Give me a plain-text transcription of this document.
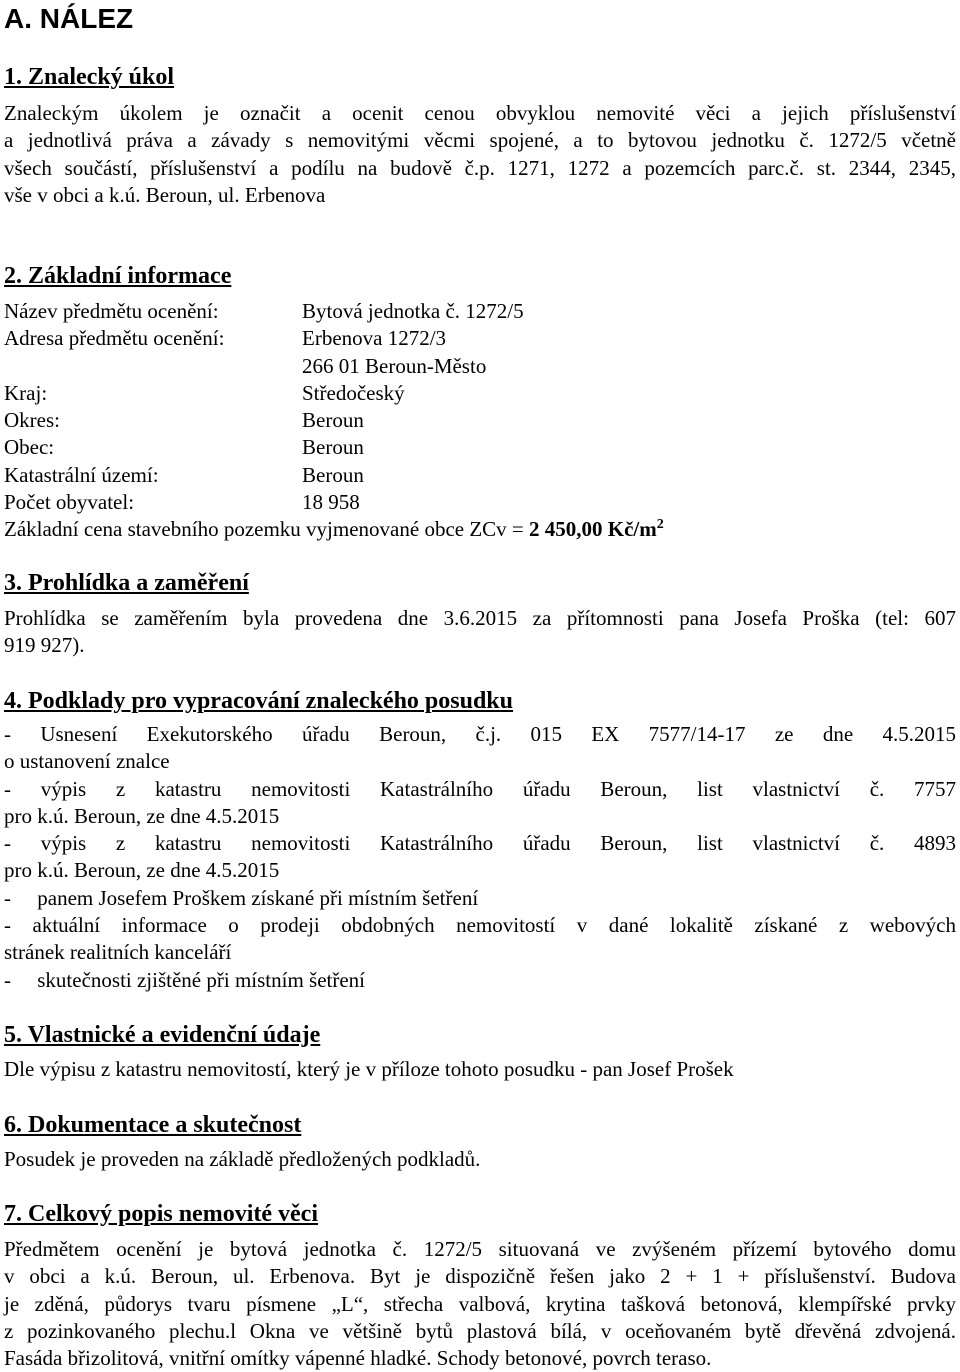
A. NÁLEZ
1. Znalecký úkol

Znaleckým úkolem je označit a ocenit cenou obvyklou nemovité věci a jejich příslušenství

a jednotlivá práva a závady s nemovitými věcmi spojené, a to bytovou jednotku č. 1272/5 včetně

všech součástí, příslušenství a podílu na budově č.p. 1271, 1272 a pozemcích parc.č. st. 2344, 2345,

vše v obci a k.ú. Beroun, ul. Erbenova

2. Základní informace
Název předmětu ocenění:	Bytová jednotka č. 1272/5
Adresa předmětu ocenění:	Erbenova 1272/3
266 01 Beroun-Město
Kraj:	Středočeský
Okres:	Beroun
Obec:	Beroun
Katastrální území:	Beroun
Počet obyvatel:	18 958
Základní cena stavebního pozemku vyjmenované obce ZCv = 2 450,00 $Kč/m^2$
3. Prohlídka a zaměření

Prohlídka se zaměřením byla provedena dne 3.6.2015 za přítomnosti pana Josefa Proška (tel: 607

919 927).

4. Podklady pro vypracování znaleckého posudku

- Usnesení Exekutorského úřadu Beroun, č.j. 015 EX 7577/14-17 ze dne 4.5.2015

o ustanovení znalce

- výpis z katastru nemovitosti Katastrálního úřadu Beroun, list vlastnictví č. 7757

pro k.ú. Beroun, ze dne 4.5.2015

- výpis z katastru nemovitosti Katastrálního úřadu Beroun, list vlastnictví č. 4893

pro k.ú. Beroun, ze dne 4.5.2015

-     panem Josefem Proškem získané při místním šetření

- aktuální informace o prodeji obdobných nemovitostí v dané lokalitě získané z webových

stránek realitních kanceláří

-     skutečnosti zjištěné při místním šetření

5. Vlastnické a evidenční údaje

Dle výpisu z katastru nemovitostí, který je v příloze tohoto posudku - pan Josef Prošek

6. Dokumentace a skutečnost

Posudek je proveden na základě předložených podkladů.

7. Celkový popis nemovité věci

Předmětem ocenění je bytová jednotka č. 1272/5 situovaná ve zvýšeném přízemí bytového domu

v obci a k.ú. Beroun, ul. Erbenova. Byt je dispozičně řešen jako 2 + 1 + příslušenství. Budova

je zděná, půdorys tvaru písmene „L“, střecha valbová, krytina tašková betonová, klempířské prvky

z pozinkovaného plechu.l Okna ve většině bytů plastová bílá, v oceňovaném bytě dřevěná zdvojená.

Fasáda břizolitová, vnitřní omítky vápenné hladké. Schody betonové, povrch teraso.
